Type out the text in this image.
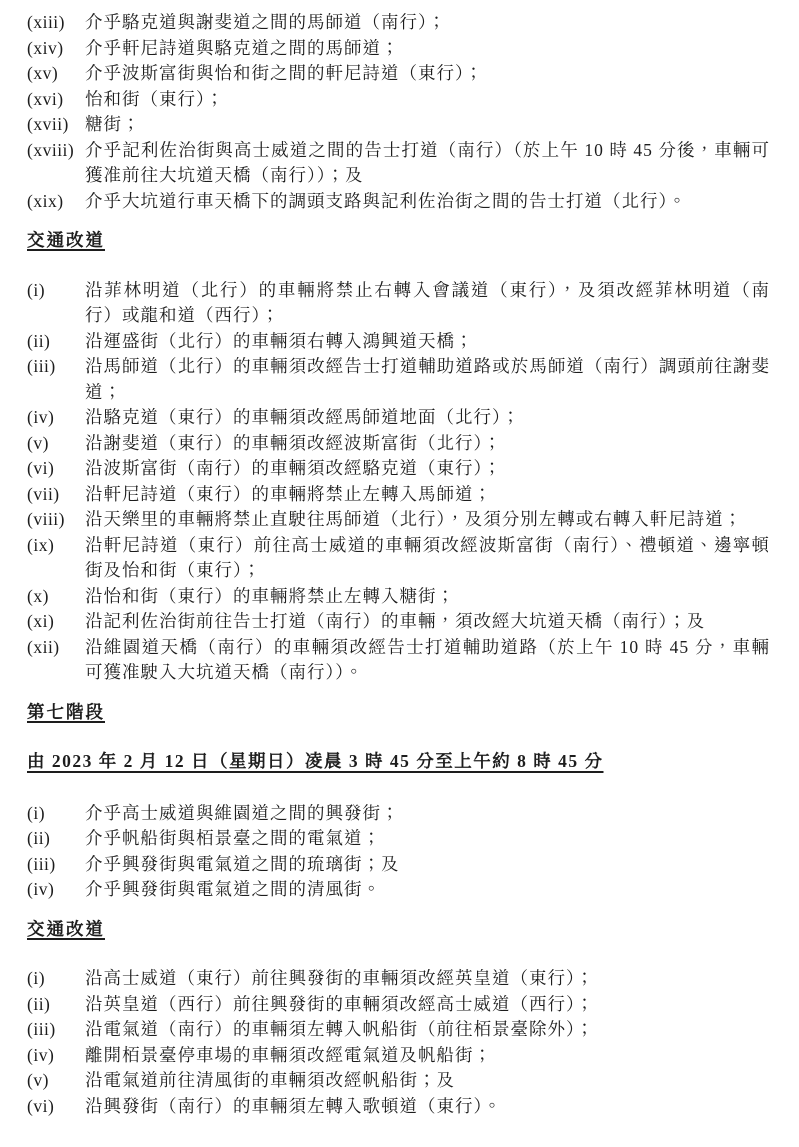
(xiii)	介乎駱克道與謝斐道之間的馬師道（南行）；
(xiv)	介乎軒尼詩道與駱克道之間的馬師道；
(xv)	介乎波斯富街與怡和街之間的軒尼詩道（東行）；
(xvi)	怡和街（東行）；
(xvii) 糖街；
(xviii) 介乎記利佐治街與高士威道之間的告士打道（南行）（於上午 10 時 45 分後，車輛可獲准前往大坑道天橋（南行））；及
(xix)	介乎大坑道行車天橋下的調頭支路與記利佐治街之間的告士打道（北行）。
交通改道
(i)	沿菲林明道（北行）的車輛將禁止右轉入會議道（東行），及須改經菲林明道（南行）或龍和道（西行）；
(ii)	沿運盛街（北行）的車輛須右轉入鴻興道天橋；
(iii)	沿馬師道（北行）的車輛須改經告士打道輔助道路或於馬師道（南行）調頭前往謝斐道；
(iv)	沿駱克道（東行）的車輛須改經馬師道地面（北行）；
(v)	沿謝斐道（東行）的車輛須改經波斯富街（北行）；
(vi)	沿波斯富街（南行）的車輛須改經駱克道（東行）；
(vii)	沿軒尼詩道（東行）的車輛將禁止左轉入馬師道；
(viii)	沿天樂里的車輛將禁止直駛往馬師道（北行），及須分別左轉或右轉入軒尼詩道；
(ix)	沿軒尼詩道（東行）前往高士威道的車輛須改經波斯富街（南行）、禮頓道、邊寧頓街及怡和街（東行）；
(x)	沿怡和街（東行）的車輛將禁止左轉入糖街；
(xi)	沿記利佐治街前往告士打道（南行）的車輛，須改經大坑道天橋（南行）；及
(xii)	沿維園道天橋（南行）的車輛須改經告士打道輔助道路（於上午 10 時 45 分，車輛可獲准駛入大坑道天橋（南行））。
第七階段
由 2023 年 2 月 12 日（星期日）凌晨 3 時 45 分至上午約 8 時 45 分
(i)	介乎高士威道與維園道之間的興發街；
(ii)	介乎帆船街與栢景臺之間的電氣道；
(iii)	介乎興發街與電氣道之間的琉璃街；及
(iv)	介乎興發街與電氣道之間的清風街。
交通改道
(i)	沿高士威道（東行）前往興發街的車輛須改經英皇道（東行）；
(ii)	沿英皇道（西行）前往興發街的車輛須改經高士威道（西行）；
(iii)	沿電氣道（南行）的車輛須左轉入帆船街（前往栢景臺除外）；
(iv)	離開栢景臺停車場的車輛須改經電氣道及帆船街；
(v)	沿電氣道前往清風街的車輛須改經帆船街；及
(vi)	沿興發街（南行）的車輛須左轉入歌頓道（東行）。
